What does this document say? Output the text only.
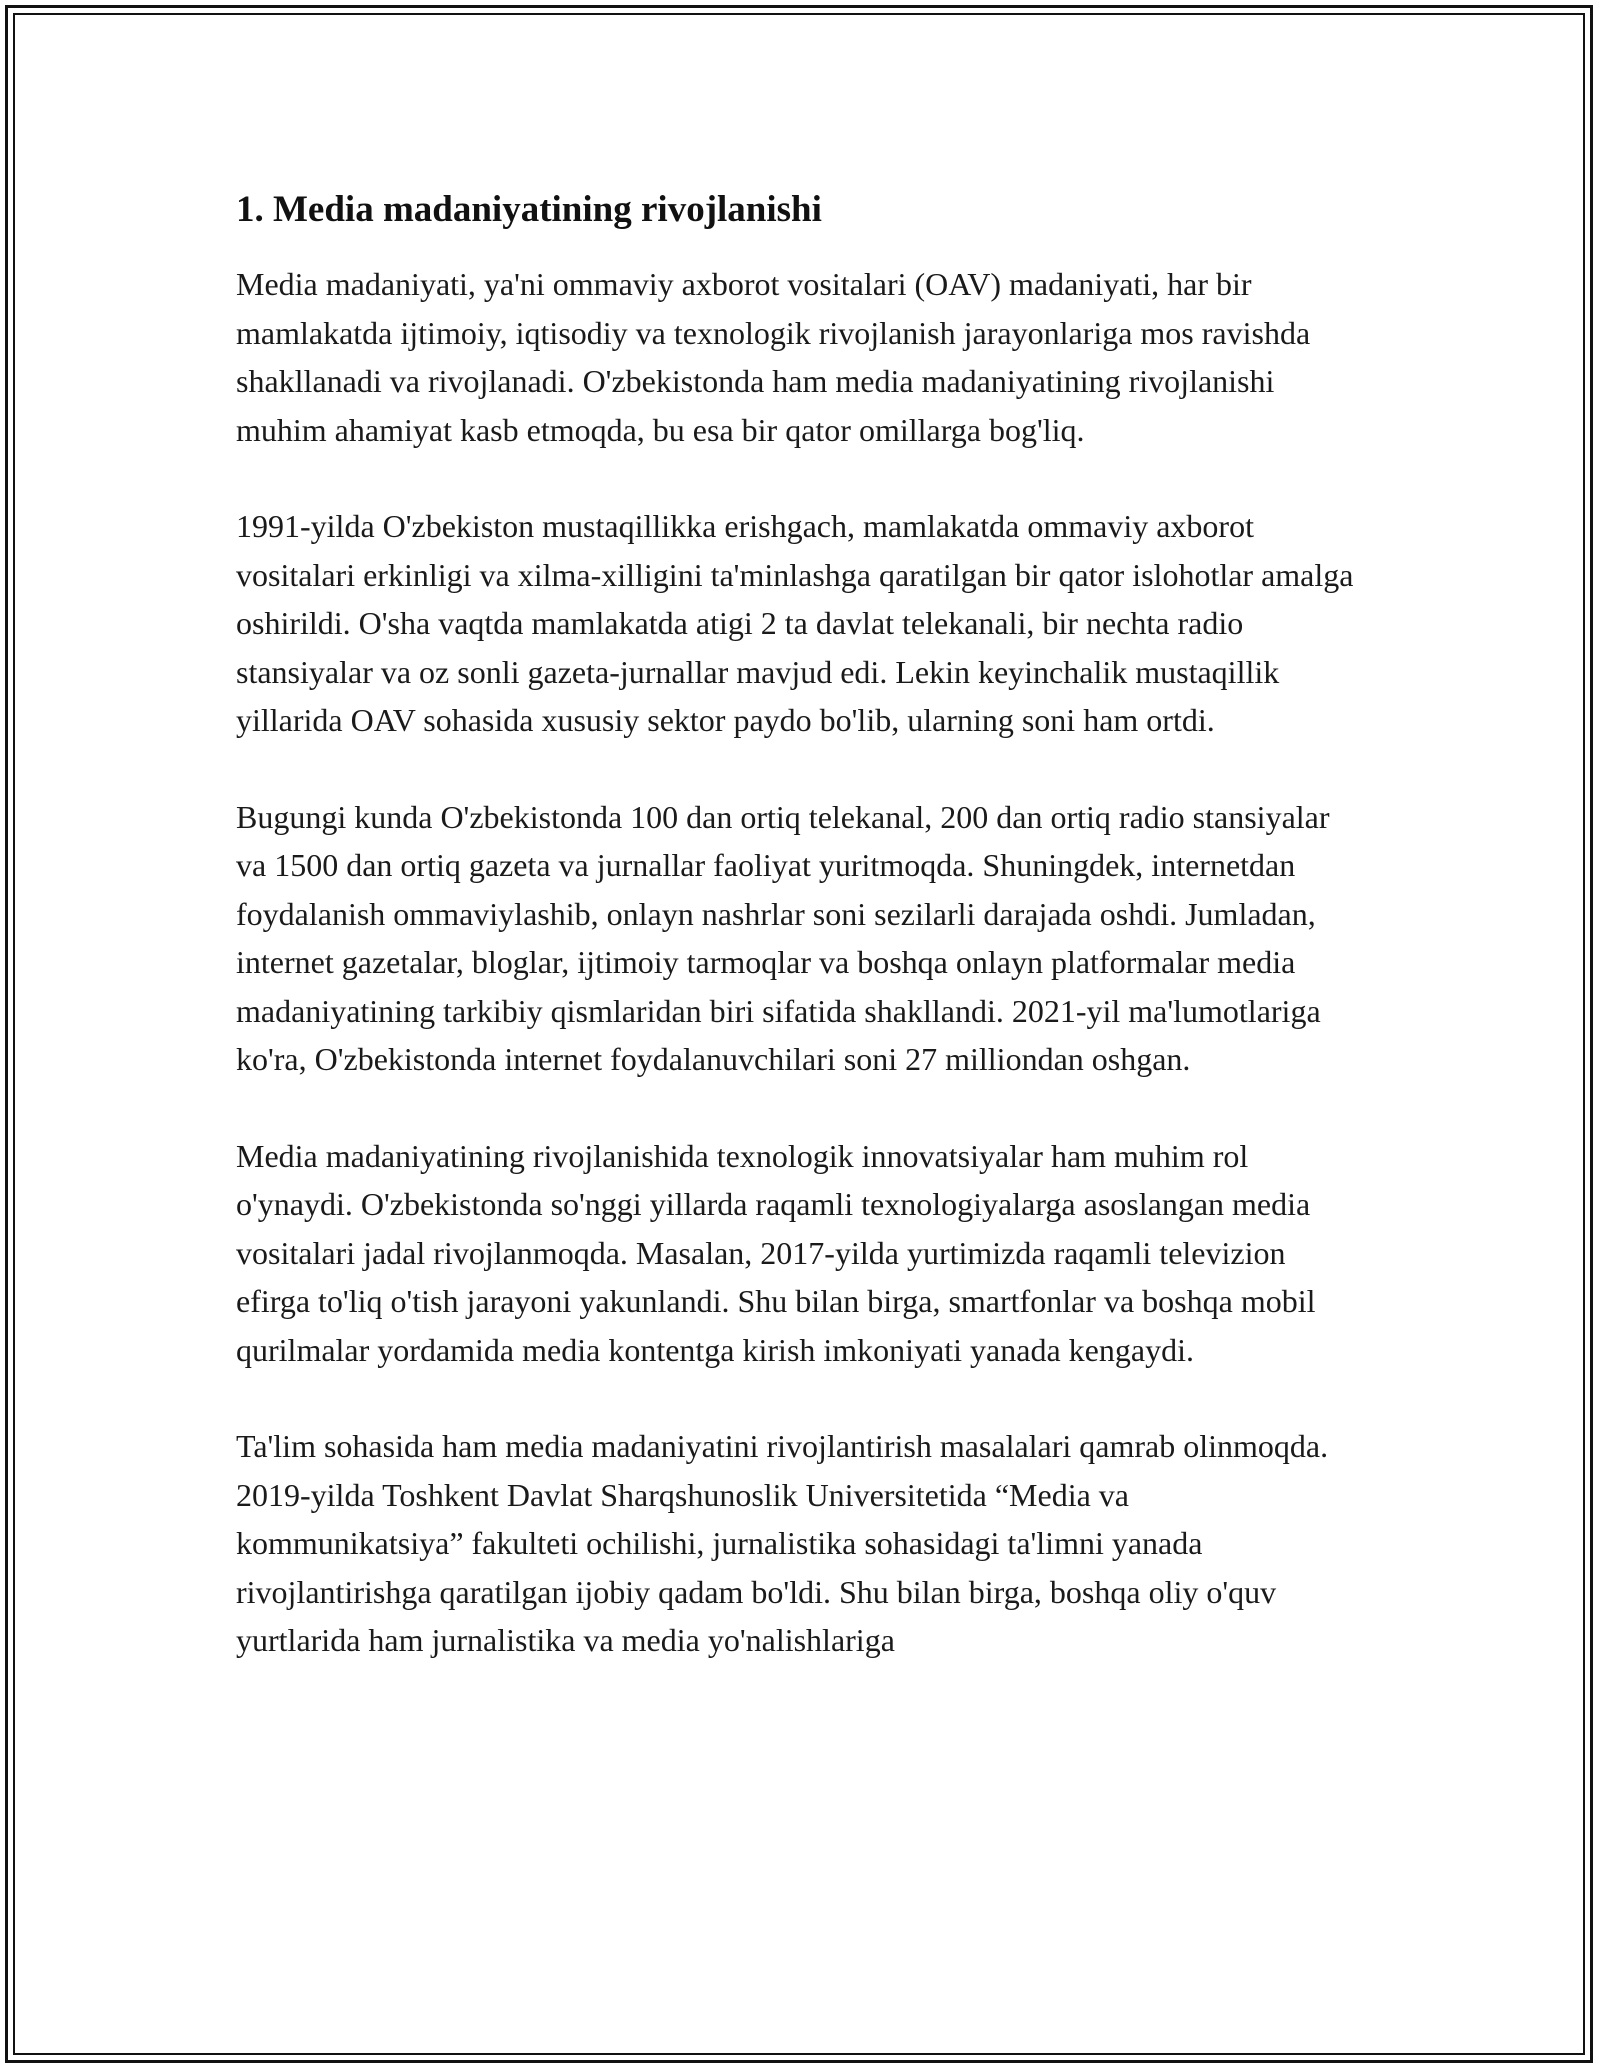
1. Media madaniyatining rivojlanishi

Media madaniyati, ya'ni ommaviy axborot vositalari (OAV) madaniyati, har bir mamlakatda ijtimoiy, iqtisodiy va texnologik rivojlanish jarayonlariga mos ravishda shakllanadi va rivojlanadi. O'zbekistonda ham media madaniyatining rivojlanishi muhim ahamiyat kasb etmoqda, bu esa bir qator omillarga bog'liq.

1991-yilda O'zbekiston mustaqillikka erishgach, mamlakatda ommaviy axborot vositalari erkinligi va xilma-xilligini ta'minlashga qaratilgan bir qator islohotlar amalga oshirildi. O'sha vaqtda mamlakatda atigi 2 ta davlat telekanali, bir nechta radio stansiyalar va oz sonli gazeta-jurnallar mavjud edi. Lekin keyinchalik mustaqillik yillarida OAV sohasida xususiy sektor paydo bo'lib, ularning soni ham ortdi.

Bugungi kunda O'zbekistonda 100 dan ortiq telekanal, 200 dan ortiq radio stansiyalar va 1500 dan ortiq gazeta va jurnallar faoliyat yuritmoqda. Shuningdek, internetdan foydalanish ommaviylashib, onlayn nashrlar soni sezilarli darajada oshdi. Jumladan, internet gazetalar, bloglar, ijtimoiy tarmoqlar va boshqa onlayn platformalar media madaniyatining tarkibiy qismlaridan biri sifatida shakllandi. 2021-yil ma'lumotlariga ko'ra, O'zbekistonda internet foydalanuvchilari soni 27 milliondan oshgan.

Media madaniyatining rivojlanishida texnologik innovatsiyalar ham muhim rol o'ynaydi. O'zbekistonda so'nggi yillarda raqamli texnologiyalarga asoslangan media vositalari jadal rivojlanmoqda. Masalan, 2017-yilda yurtimizda raqamli televizion efirga to'liq o'tish jarayoni yakunlandi. Shu bilan birga, smartfonlar va boshqa mobil qurilmalar yordamida media kontentga kirish imkoniyati yanada kengaydi.

Ta'lim sohasida ham media madaniyatini rivojlantirish masalalari qamrab olinmoqda. 2019-yilda Toshkent Davlat Sharqshunoslik Universitetida “Media va kommunikatsiya” fakulteti ochilishi, jurnalistika sohasidagi ta'limni yanada rivojlantirishga qaratilgan ijobiy qadam bo'ldi. Shu bilan birga, boshqa oliy o'quv yurtlarida ham jurnalistika va media yo'nalishlariga
